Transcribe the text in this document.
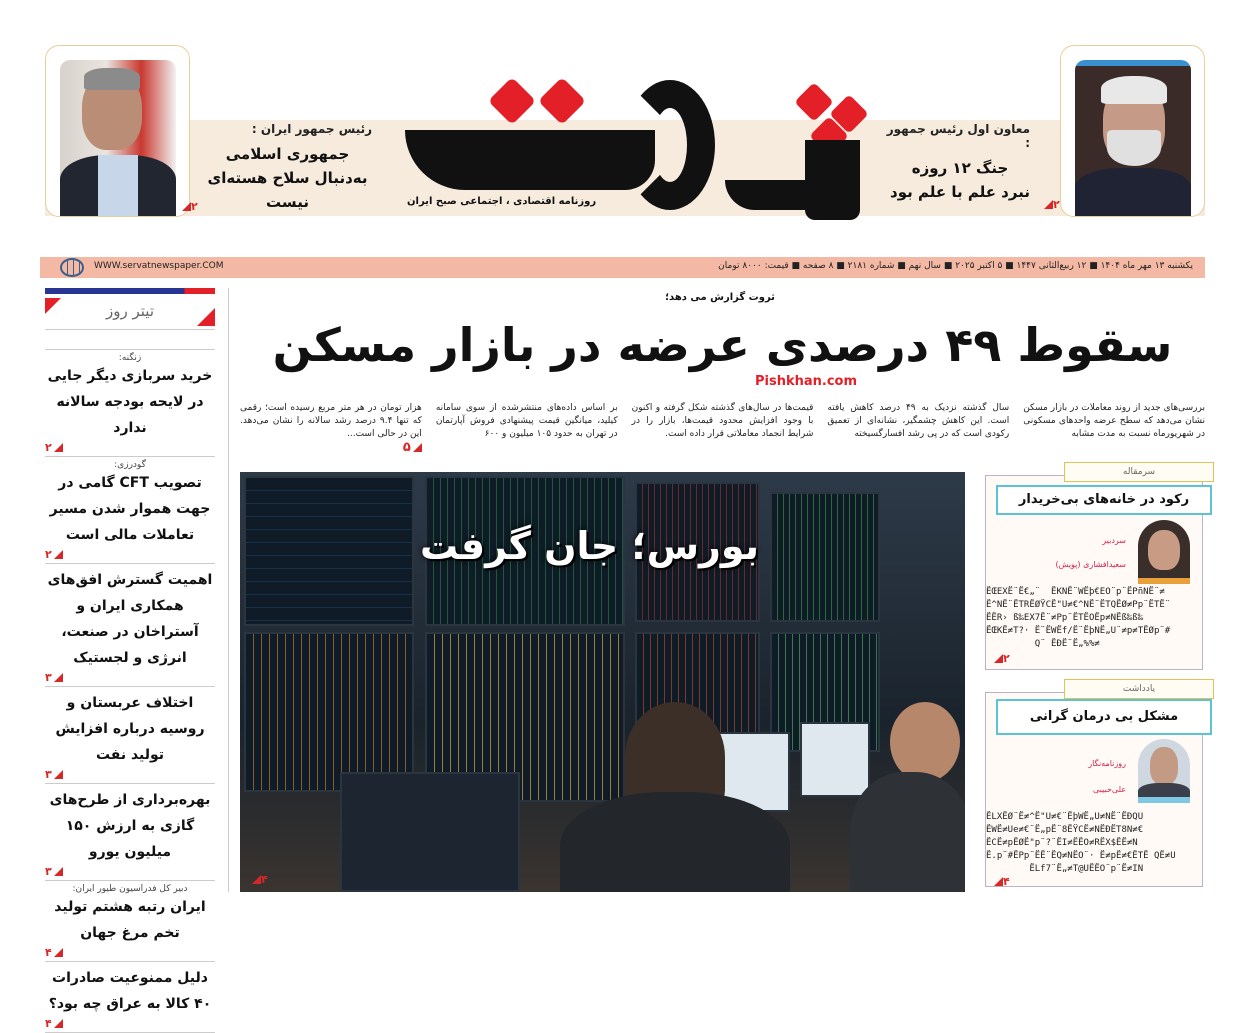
رئیس جمهور ایران :
جمهوری اسلامی
به‌دنبال سلاح هسته‌ای نیست
۲	روزنامه اقتصادی ، اجتماعی صبح ایران
معاون اول رئیس جمهور :
جنگ ۱۲ روزه
نبرد علم با علم بود
۲
WWW.servatnewspaper.COM	یکشنبه ۱۳ مهر ماه ۱۴۰۴ ■ ۱۲ ربیع‌الثانی ۱۴۴۷ ■ ۵ اکتبر ۲۰۲۵ ■ سال نهم ■ شماره ۲۱۸۱ ■ ۸ صفحه ■ قیمت: ۸۰۰۰ تومان
تیتر روز
زنگنه:
خرید سربازی دیگر جایی در لایحه بودجه سالانه ندارد
۲
گودرزی:
تصویب CFT گامی در جهت هموار شدن مسیر تعاملات مالی است
۲
اهمیت گسترش افق‌های همکاری ایران و آستراخان در صنعت، انرژی و لجستیک
۳
اختلاف عربستان و روسیه درباره افزایش تولید نفت
۳
بهره‌برداری از طرح‌های گازی به ارزش ۱۵۰ میلیون یورو
۳
دبیر کل فدراسیون طیور ایران:
ایران رتبه هشتم تولید تخم مرغ جهان
۴
دلیل ممنوعیت صادرات ۴۰ کالا به عراق چه بود؟
۴
ثروت گزارش می دهد؛
سقوط ۴۹ درصدی عرضه در بازار مسکن
Pishkhan.com
بررسی‌های جدید از روند معاملات در بازار مسکن نشان می‌دهد که سطح عرضه واحدهای مسکونی در شهریورماه نسبت به مدت مشابه
سال گذشته نزدیک به ۴۹ درصد کاهش یافته است. این کاهش چشمگیر، نشانه‌ای از تعمیق رکودی است که در پی رشد افسارگسیخته
قیمت‌ها در سال‌های گذشته شکل گرفته و اکنون با وجود افزایش محدود قیمت‌ها، بازار را در شرایط انجماد معاملاتی قرار داده است.
بر اساس داده‌های منتشرشده از سوی سامانه کیلید، میانگین قیمت پیشنهادی فروش آپارتمان در تهران به حدود ۱۰۵ میلیون و ۶۰۰
هزار تومان در هر متر مربع رسیده است؛ رقمی که تنها ۹.۴ درصد رشد سالانه را نشان می‌دهد. این در حالی است...
۵
بورس؛ جان گرفت
۴
سرمقاله
رکود در خانه‌های بی‌خریدار
سردبیر
سعیدافشاری (پویش)
ËŒEXË¨Ë€„¨  ËKNË¨WËþ€EO¨p¨ËPñNË¨≠
Ë^NË¨ËTRËØŸCË"U≠€^NË¨ËTQËØ≠Pp¨ËTË¨
ËËR› ß‰EX7Ë¨≠Pp¨ËTËOËp≠NËß‰ß‰
ËŒKË≠T?· Ë¨ËWËf/Ë¨ËþNË„U¨≠p≠TËØp¨#
Q¨ ËÐË¨Ë„%%≠
۲
یادداشت
مشکل بی درمان گرانی
روزنامه‌نگار
علی‌حبیبی
ËLXËØ¨Ë≠^Ë"U≠€¨ËþWË„U≠NË¨ËÐQU
ËWË≠Ue≠€¨Ë„pË¨8ËŸCË≠NËÐËT8N≠€
ËCË≠pËØË"p¨?¨ËI≠ËËO≠RËX$ËË≠N
Ë.p¨#ËPp¨ËË¨ËQ≠NËO¨· Ë≠pË≠€ËTË QË≠U
ËLf7¨Ë„≠T@UËËO¨p¨Ë≠IN
۴
